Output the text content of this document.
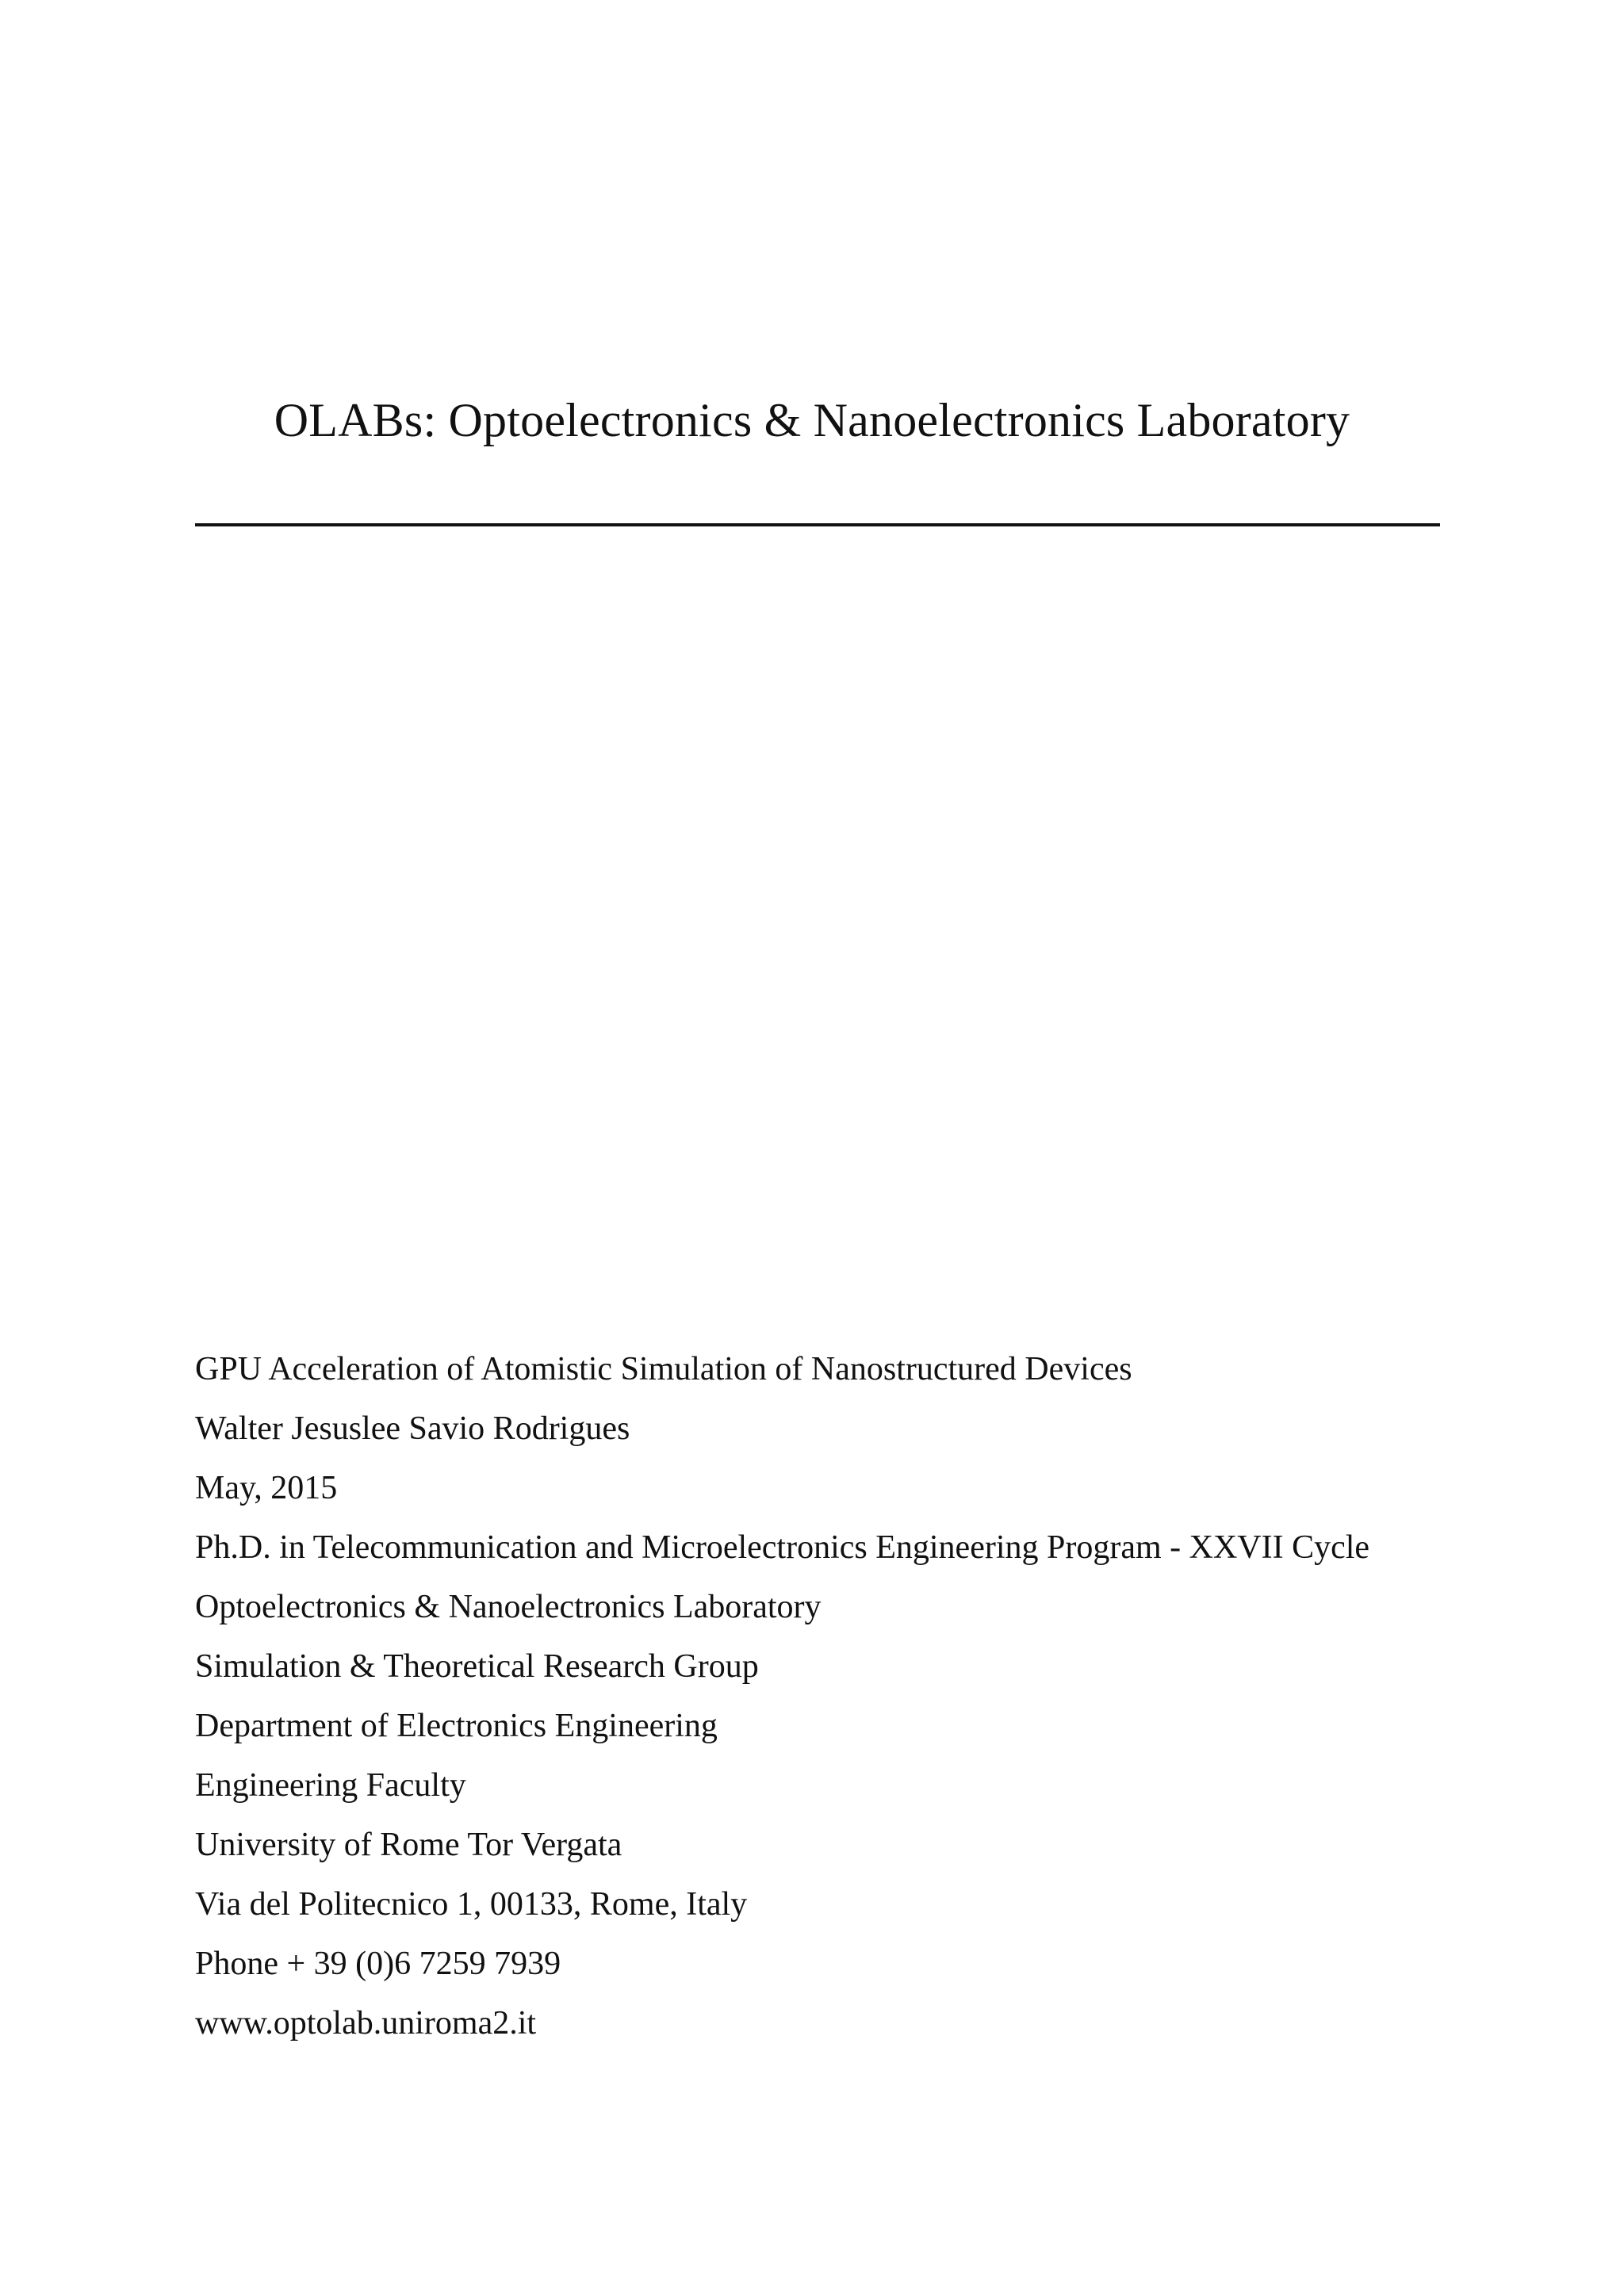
OLABs: Optoelectronics & Nanoelectronics Laboratory
GPU Acceleration of Atomistic Simulation of Nanostructured Devices
Walter Jesuslee Savio Rodrigues
May, 2015
Ph.D. in Telecommunication and Microelectronics Engineering Program - XXVII Cycle
Optoelectronics & Nanoelectronics Laboratory
Simulation & Theoretical Research Group
Department of Electronics Engineering
Engineering Faculty
University of Rome Tor Vergata
Via del Politecnico 1, 00133, Rome, Italy
Phone + 39 (0)6 7259 7939
www.optolab.uniroma2.it
